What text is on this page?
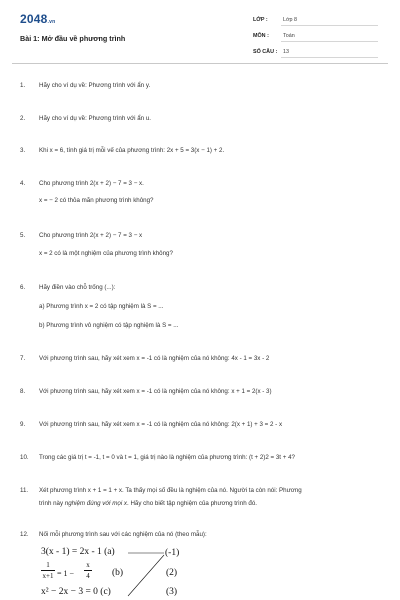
2048.vn
Bài 1: Mở đầu về phương trình
LỚP :	Lớp 8
MÔN :	Toán
SỐ CÂU : 13
1. Hãy cho ví dụ về: Phương trình với ẩn y.
2. Hãy cho ví dụ về: Phương trình với ẩn u.
3. Khi x = 6, tính giá trị mỗi vế của phương trình: 2x + 5 = 3(x − 1) + 2.
4. Cho phương trình 2(x + 2) − 7 = 3 − x.
x = − 2 có thỏa mãn phương trình không?
5. Cho phương trình 2(x + 2) − 7 = 3 − x
x = 2 có là một nghiệm của phương trình không?
6. Hãy điền vào chỗ trống (...):
a) Phương trình x = 2 có tập nghiệm là S = ...
b) Phương trình vô nghiệm có tập nghiệm là S = ...
7. Với phương trình sau, hãy xét xem x = -1 có là nghiệm của nó không: 4x - 1 = 3x - 2
8. Với phương trình sau, hãy xét xem x = -1 có là nghiệm của nó không: x + 1 = 2(x - 3)
9. Với phương trình sau, hãy xét xem x = -1 có là nghiệm của nó không: 2(x + 1) + 3 = 2 - x
10. Trong các giá trị t = -1, t = 0 và t = 1, giá trị nào là nghiệm của phương trình: (t + 2)2 = 3t + 4?
11. Xét phương trình x + 1 = 1 + x. Ta thấy mọi số đều là nghiệm của nó. Người ta còn nói: Phương
trình này nghiệm đúng với mọi x. Hãy cho biết tập nghiệm của phương trình đó.
12. Nối mỗi phương trình sau với các nghiệm của nó (theo mẫu):
3(x - 1) = 2x - 1 (a)
1
x+1 = 1 −
x
4 (b)
x² − 2x − 3 = 0 (c)
(-1)
(2)
(3)
